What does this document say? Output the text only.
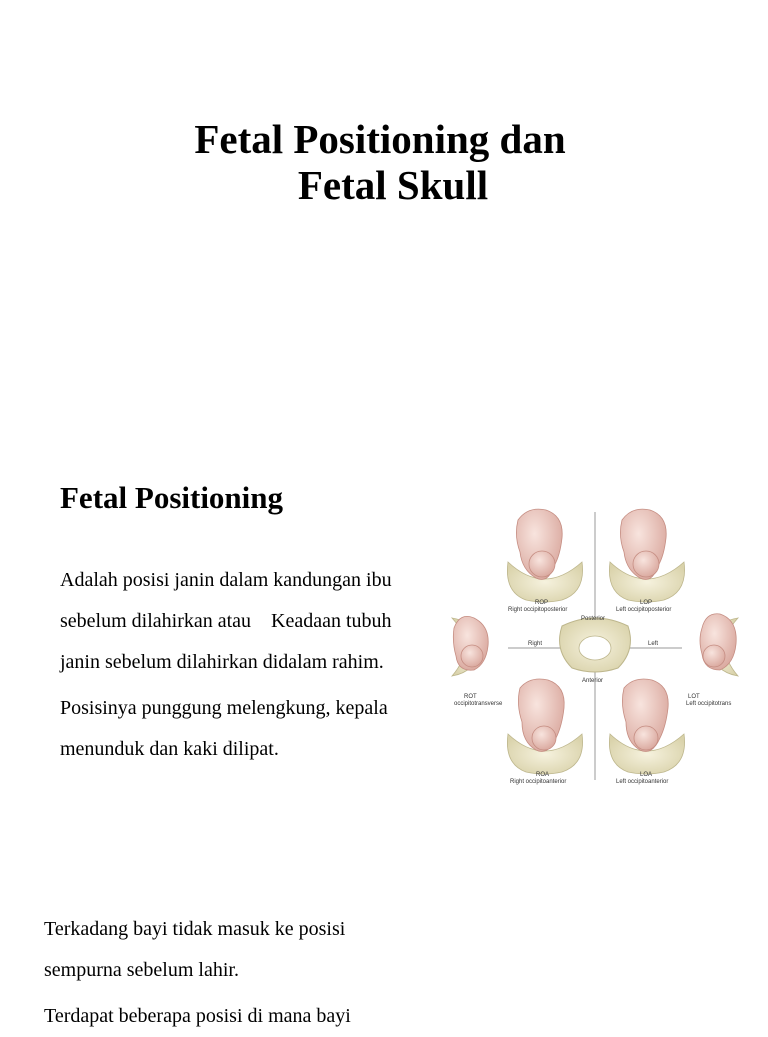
Fetal Positioning dan
Fetal Skull
Fetal Positioning
Adalah posisi janin dalam kandungan ibu
sebelum dilahirkan atau    Keadaan tubuh
janin sebelum dilahirkan didalam rahim.
Posisinya punggung melengkung, kepala
menunduk dan kaki dilipat.
ROP
Right occipitoposterior
LOP
Left occipitoposterior
ROT
occipitotransverse
LOT
Left occipitotrans
ROA
Right occipitoanterior
LOA
Left occipitoanterior
Posterior
Anterior
Right	Left
Terkadang bayi tidak masuk ke posisi
sempurna sebelum lahir.
Terdapat beberapa posisi di mana bayi
